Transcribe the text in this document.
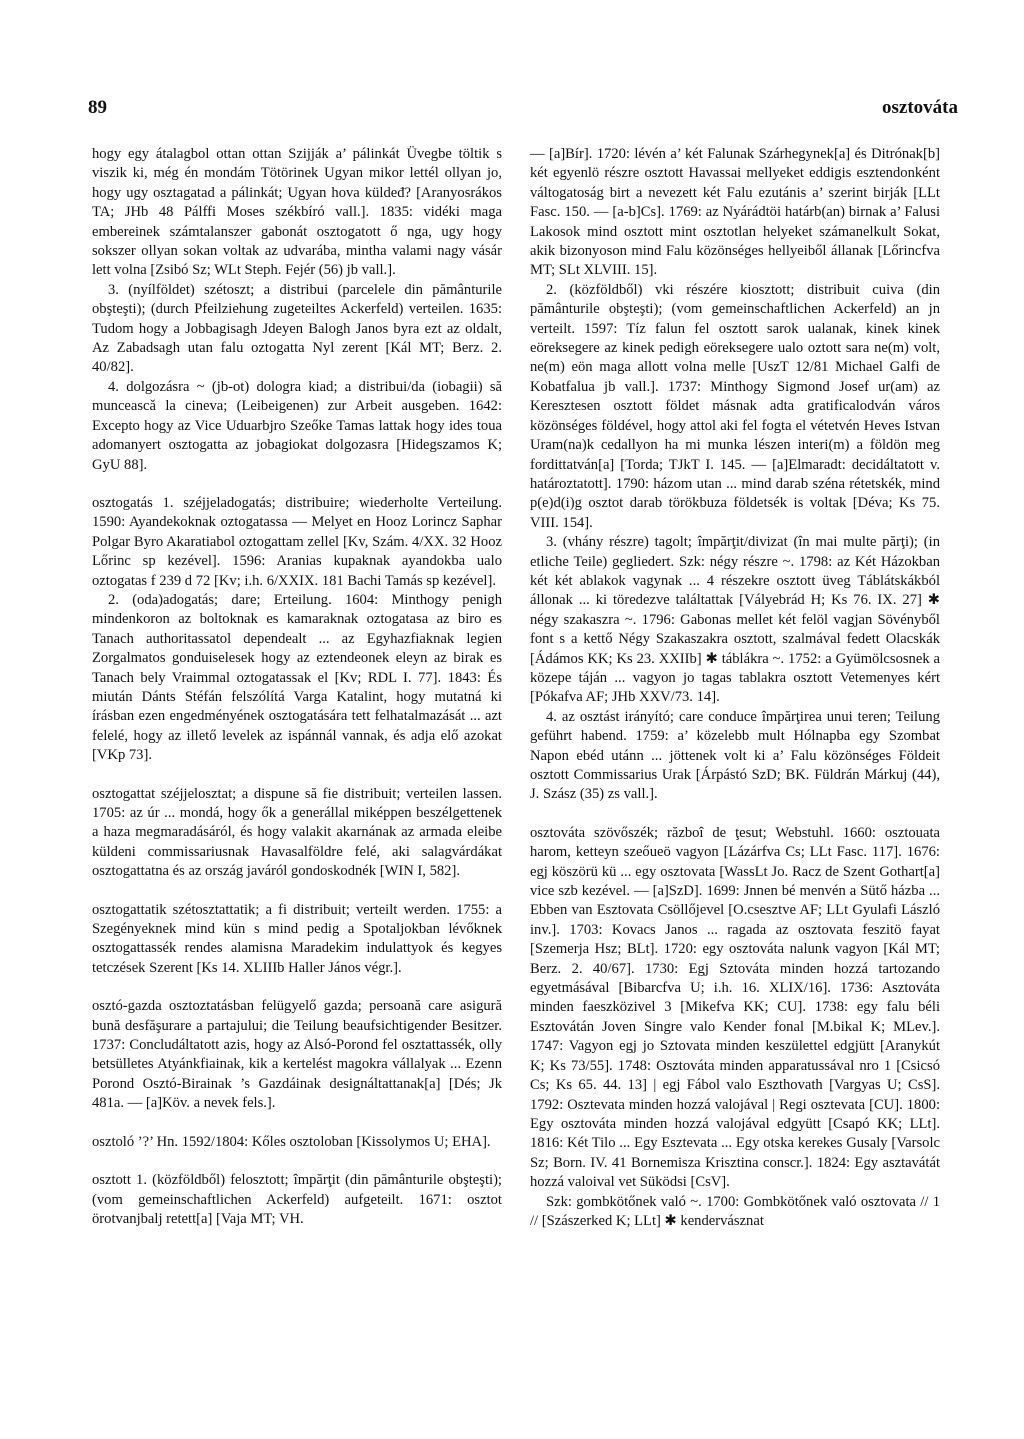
89	osztováta

hogy egy átalagbol ottan ottan Szijják a’ pálinkát Üvegbe töltik s viszik ki, még én mondám Tötörinek Ugyan mikor lettél ollyan jo, hogy ugy osztagatad a pálinkát; Ugyan hova küldeđ? [Aranyosrákos TA; JHb 48 Pálffi Moses székbíró vall.]. 1835: vidéki maga embereinek számtalanszer gabonát osztogatott ő nga, ugy hogy sokszer ollyan sokan voltak az udvarába, mintha valami nagy vásár lett volna [Zsibó Sz; WLt Steph. Fejér (56) jb vall.].

3. (nyílföldet) szétoszt; a distribui (parcelele din pământurile obşteşti); (durch Pfeilziehung zugeteiltes Ackerfeld) verteilen. 1635: Tudom hogy a Jobbagisagh Jdeyen Balogh Janos byra ezt az oldalt, Az Zabadsagh utan falu oztogatta Nyl zerent [Kál MT; Berz. 2. 40/82].

4. dolgozásra ~ (jb-ot) dologra kiad; a distribui/da (iobagii) să munceascǎ la cineva; (Leibeigenen) zur Arbeit ausgeben. 1642: Excepto hogy az Vice Uduarbjro Szeőke Tamas lattak hogy ides toua adomanyert osztogatta az jobagiokat dolgozasra [Hidegszamos K; GyU 88].

osztogatás 1. széjjeladogatás; distribuire; wiederholte Verteilung. 1590: Ayandekoknak oztogatassa — Melyet en Hooz Lorincz Saphar Polgar Byro Akaratiabol oztogattam zellel [Kv, Szám. 4/XX. 32 Hooz Lőrinc sp kezével]. 1596: Aranias kupaknak ayandokba ualo oztogatas f 239 d 72 [Kv; i.h. 6/XXIX. 181 Bachi Tamás sp kezével].

2. (oda)adogatás; dare; Erteilung. 1604: Minthogy penigh mindenkoron az boltoknak es kamaraknak oztogatasa az biro es Tanach authoritassatol dependealt ... az Egyhazfiaknak legien Zorgalmatos gonduiselesek hogy az eztendeonek eleyn az birak es Tanach bely Vraimmal oztogatassak el [Kv; RDL I. 77]. 1843: És miután Dánts Stéfán felszólítá Varga Katalint, hogy mutatná ki írásban ezen engedményének osztogatására tett felhatalmazását ... azt felelé, hogy az illető levelek az ispánnál vannak, és adja elő azokat [VKp 73].

osztogattat széjjelosztat; a dispune să fie distribuit; verteilen lassen. 1705: az úr ... mondá, hogy ők a generállal miképpen beszélgettenek a haza megmaradásáról, és hogy valakit akarnának az armada eleibe küldeni commissariusnak Havasalföldre felé, aki salagvárdákat osztogattatna és az ország javáról gondoskodnék [WIN I, 582].

osztogattatik szétosztattatik; a fi distribuit; verteilt werden. 1755: a Szegényeknek mind kün s mind pedig a Spotaljokban lévőknek osztogattassék rendes alamisna Maradekim indulattyok és kegyes tetczések Szerent [Ks 14. XLIIIb Haller János végr.].

osztó-gazda osztoztatásban felügyelő gazda; persoană care asigură bună desfăşurare a partajului; die Teilung beaufsichtigender Besitzer. 1737: Concludáltatott azis, hogy az Alsó-Porond fel osztattassék, olly betsülletes Atyánkfiainak, kik a kertelést magokra vállalyak ... Ezenn Porond Osztó-Birainak ’s Gazdáinak designáltattanak[a] [Dés; Jk 481a. — [a]Köv. a nevek fels.].

osztoló ’?’ Hn. 1592/1804: Kőles osztoloban [Kissolymos U; EHA].

osztott 1. (közföldből) felosztott; împărţit (din pământurile obşteşti); (vom gemeinschaftlichen Ackerfeld) aufgeteilt. 1671: osztot örotvanjbalj retett[a] [Vaja MT; VH.

— [a]Bír]. 1720: lévén a’ két Falunak Szárhegynek[a] és Ditrónak[b] két egyenlö részre osztott Havassai mellyeket eddigis esztendonként váltogatoság birt a nevezett két Falu ezutánis a’ szerint birják [LLt Fasc. 150. — [a-b]Cs]. 1769: az Nyárádtöi határb(an) birnak a’ Falusi Lakosok mind osztott mint osztotlan helyeket számanelkult Sokat, akik bizonyoson mind Falu közönséges hellyeiből állanak [Lőrincfva MT; SLt XLVIII. 15].

2. (közföldből) vki részére kiosztott; distribuit cuiva (din pământurile obşteşti); (vom gemeinschaftlichen Ackerfeld) an jn verteilt. 1597: Tíz falun fel osztott sarok ualanak, kinek kinek eöreksegere az kinek pedigh eöreksegere ualo oztott sara ne(m) volt, ne(m) eön maga allott volna melle [UszT 12/81 Michael Galfi de Kobatfalua jb vall.]. 1737: Minthogy Sigmond Josef ur(am) az Keresztesen osztott földet másnak adta gratificalodván város közönséges földével, hogy attol aki fel fogta el vétetvén Heves Istvan Uram(na)k cedallyon ha mi munka lészen interi(m) a földön meg fordittatván[a] [Torda; TJkT I. 145. — [a]Elmaradt: decidáltatott v. határoztatott]. 1790: házom utan ... mind darab széna rétetskék, mind p(e)d(i)g osztot darab törökbuza földetsék is voltak [Déva; Ks 75. VIII. 154].

3. (vhány részre) tagolt; împărţit/divizat (în mai multe părţi); (in etliche Teile) gegliedert. Szk: négy részre ~. 1798: az Két Házokban két két ablakok vagynak ... 4 részekre osztott üveg Táblátskákból állonak ... ki töredezve találtattak [Vályebrád H; Ks 76. IX. 27] ✱ négy szakaszra ~. 1796: Gabonas mellet két felöl vagjan Sövényből font s a kettő Négy Szakaszakra osztott, szalmával fedett Olacskák [Ádámos KK; Ks 23. XXIIb] ✱ táblákra ~. 1752: a Gyümölcsosnek a közepe táján ... vagyon jo tagas tablakra osztott Vetemenyes kért [Pókafva AF; JHb XXV/73. 14].

4. az osztást irányító; care conduce împărţirea unui teren; Teilung geführt habend. 1759: a’ közelebb mult Hólnapba egy Szombat Napon ebéd utánn ... jöttenek volt ki a’ Falu közönséges Földeit osztott Commissarius Urak [Árpástó SzD; BK. Füldrán Márkuj (44), J. Szász (35) zs vall.].

osztováta szövőszék; războî de ţesut; Webstuhl. 1660: osztouata harom, ketteyn szeőueö vagyon [Lázárfva Cs; LLt Fasc. 117]. 1676: egj köszörü kü ... egy osztovata [WassLt Jo. Racz de Szent Gothart[a] vice szb kezével. — [a]SzD]. 1699: Jnnen bé menvén a Sütő házba ... Ebben van Esztovata Csöllőjevel [O.csesztve AF; LLt Gyulafi László inv.]. 1703: Kovacs Janos ... ragada az osztovata feszitö fayat [Szemerja Hsz; BLt]. 1720: egy osztováta nalunk vagyon [Kál MT; Berz. 2. 40/67]. 1730: Egj Sztováta minden hozzá tartozando egyetmásával [Bibarcfva U; i.h. 16. XLIX/16]. 1736: Asztováta minden faeszközivel 3 [Mikefva KK; CU]. 1738: egy falu béli Esztovátán Joven Singre valo Kender fonal [M.bikal K; MLev.]. 1747: Vagyon egj jo Sztovata minden keszülettel edgjütt [Aranykút K; Ks 73/55]. 1748: Osztováta minden apparatussával nro 1 [Csicsó Cs; Ks 65. 44. 13] | egj Fábol valo Eszthovath [Vargyas U; CsS]. 1792: Osztevata minden hozzá valojával | Regi osztevata [CU]. 1800: Egy osztováta minden hozzá valojával edgyütt [Csapó KK; LLt]. 1816: Két Tilo ... Egy Esztevata ... Egy otska kerekes Gusaly [Varsolc Sz; Born. IV. 41 Bornemisza Krisztina conscr.]. 1824: Egy asztavátát hozzá valoival vet Süködsi [CsV].

Szk: gombkötőnek való ~. 1700: Gombkötőnek való osztovata // 1 // [Szászerked K; LLt] ✱ kendervásznat
